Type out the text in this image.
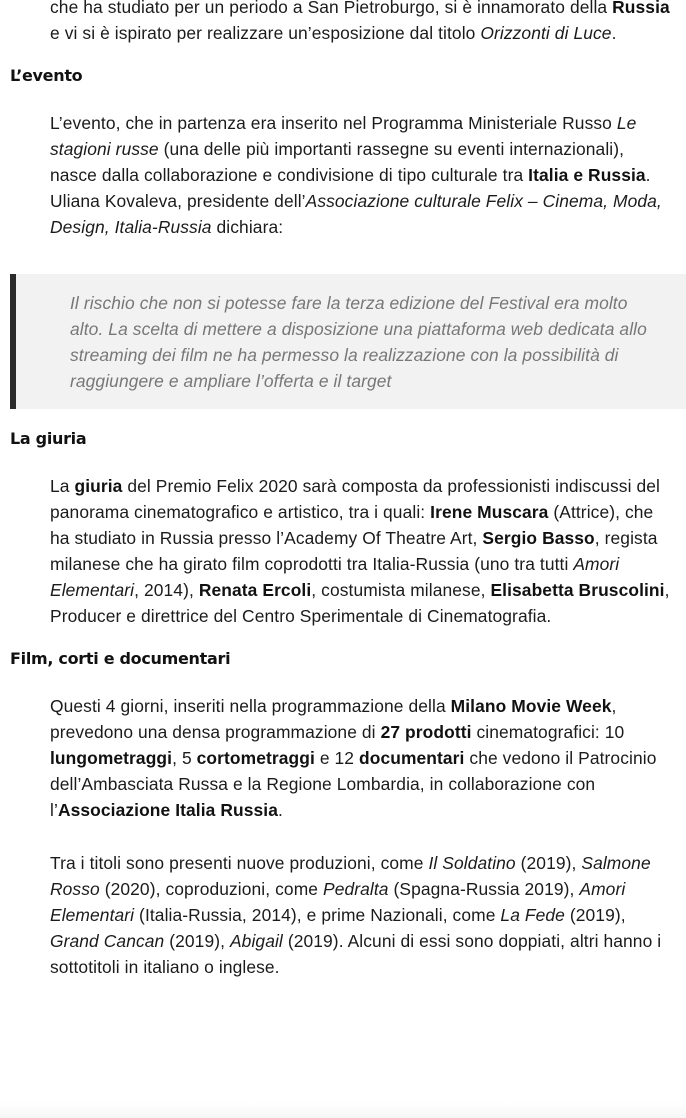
che ha studiato per un periodo a San Pietroburgo, si è innamorato della Russia e vi si è ispirato per realizzare un’esposizione dal titolo Orizzonti di Luce.

L’evento

L’evento, che in partenza era inserito nel Programma Ministeriale Russo Le stagioni russe (una delle più importanti rassegne su eventi internazionali), nasce dalla collaborazione e condivisione di tipo culturale tra Italia e Russia. Uliana Kovaleva, presidente dell’Associazione culturale Felix – Cinema, Moda, Design, Italia-Russia dichiara:

Il rischio che non si potesse fare la terza edizione del Festival era molto alto. La scelta di mettere a disposizione una piattaforma web dedicata allo streaming dei film ne ha permesso la realizzazione con la possibilità di raggiungere e ampliare l’offerta e il target

La giuria

La giuria del Premio Felix 2020 sarà composta da professionisti indiscussi del panorama cinematografico e artistico, tra i quali: Irene Muscara (Attrice), che ha studiato in Russia presso l’Academy Of Theatre Art, Sergio Basso, regista milanese che ha girato film coprodotti tra Italia-Russia (uno tra tutti Amori Elementari, 2014), Renata Ercoli, costumista milanese, Elisabetta Bruscolini, Producer e direttrice del Centro Sperimentale di Cinematografia.

Film, corti e documentari

Questi 4 giorni, inseriti nella programmazione della Milano Movie Week, prevedono una densa programmazione di 27 prodotti cinematografici: 10 lungometraggi, 5 cortometraggi e 12 documentari che vedono il Patrocinio dell’Ambasciata Russa e la Regione Lombardia, in collaborazione con l’Associazione Italia Russia.

Tra i titoli sono presenti nuove produzioni, come Il Soldatino (2019), Salmone Rosso (2020), coproduzioni, come Pedralta (Spagna-Russia 2019), Amori Elementari (Italia-Russia, 2014), e prime Nazionali, come La Fede (2019), Grand Cancan (2019), Abigail (2019). Alcuni di essi sono doppiati, altri hanno i sottotitoli in italiano o inglese.
